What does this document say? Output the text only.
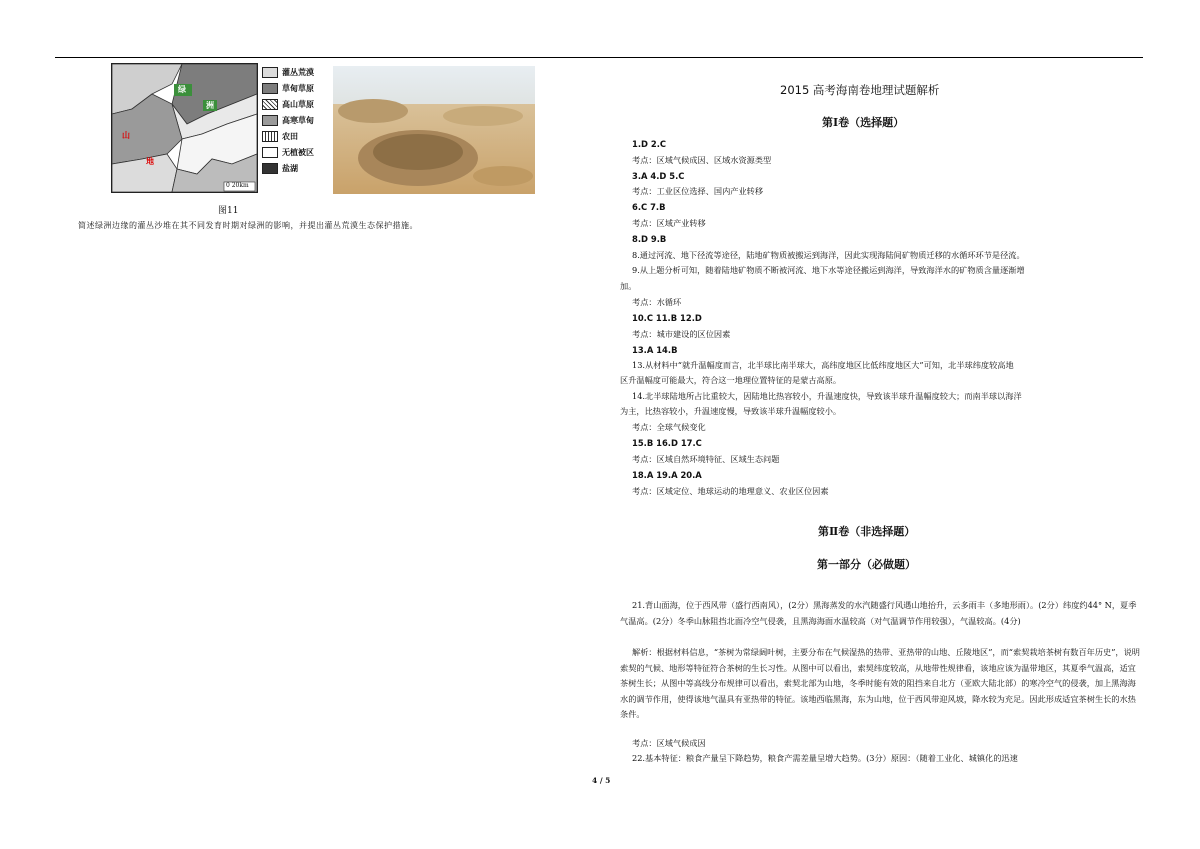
绿
洲
山
地
0 20km
灌丛荒漠
草甸草原
高山草原
高寒草甸
农田
无植被区
盐湖
图11
简述绿洲边缘的灌丛沙堆在其不同发育时期对绿洲的影响，并提出灌丛荒漠生态保护措施。
2015 高考海南卷地理试题解析
第Ⅰ卷（选择题）
1.D 2.C
考点：区域气候成因、区域水资源类型
3.A 4.D 5.C
考点：工业区位选择、国内产业转移
6.C 7.B
考点：区域产业转移
8.D 9.B
8.通过河流、地下径流等途径，陆地矿物质被搬运到海洋，因此实现海陆间矿物质迁移的水循环环节是径流。
9.从上题分析可知，随着陆地矿物质不断被河流、地下水等途径搬运到海洋，导致海洋水的矿物质含量逐渐增
加。
考点：水循环
10.C 11.B 12.D
考点：城市建设的区位因素
13.A 14.B
13.从材料中“就升温幅度而言，北半球比南半球大，高纬度地区比低纬度地区大”可知，北半球纬度较高地
区升温幅度可能最大，符合这一地理位置特征的是蒙古高原。
14.北半球陆地所占比重较大，因陆地比热容较小，升温速度快，导致该半球升温幅度较大；而南半球以海洋
为主，比热容较小，升温速度慢，导致该半球升温幅度较小。
考点：全球气候变化
15.B 16.D 17.C
考点：区域自然环境特征、区域生态问题
18.A 19.A 20.A
考点：区域定位、地球运动的地理意义、农业区位因素
第Ⅱ卷（非选择题）
第一部分（必做题）
21.背山面海，位于西风带（盛行西南风），(2分）黑海蒸发的水汽随盛行风遇山地抬升，云多雨丰（多地形雨）。(2分）纬度约44° N，夏季气温高。(2分）冬季山脉阻挡北面冷空气侵袭，且黑海海面水温较高（对气温调节作用较强），气温较高。(4分)
解析：根据材料信息，“茶树为常绿阔叶树，主要分布在气候湿热的热带、亚热带的山地、丘陵地区”，而“索契栽培茶树有数百年历史”，说明索契的气候、地形等特征符合茶树的生长习性。从图中可以看出，索契纬度较高，从地带性规律看，该地应该为温带地区，其夏季气温高，适宜茶树生长；从图中等高线分布规律可以看出，索契北部为山地，冬季时能有效的阻挡来自北方（亚欧大陆北部）的寒冷空气的侵袭，加上黑海海水的调节作用，使得该地气温具有亚热带的特征。该地西临黑海，东为山地，位于西风带迎风坡，降水较为充足。因此形成适宜茶树生长的水热条件。
考点：区域气候成因
22.基本特征：粮食产量呈下降趋势，粮食产需差量呈增大趋势。(3分）原因：（随着工业化、城镇化的迅速
4 / 5
